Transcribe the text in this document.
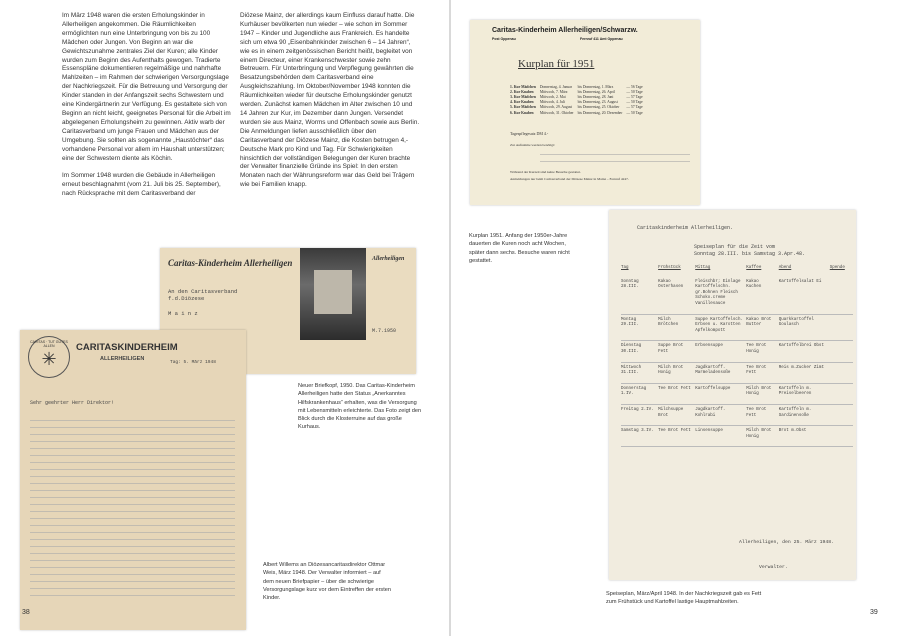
Im März 1948 waren die ersten Erholungskinder in Allerheiligen angekommen. Die Räumlichkeiten ermöglichten nun eine Unterbringung von bis zu 100 Mädchen oder Jungen. Von Beginn an war die Gewichtszunahme zentrales Ziel der Kuren; alle Kinder wurden zum Beginn des Aufenthalts gewogen. Tradierte Essenspläne dokumentieren regelmäßige und nahrhafte Mahlzeiten – im Rahmen der schwierigen Versorgungslage der Nachkriegszeit. Für die Betreuung und Versorgung der Kinder standen in der Anfangszeit sechs Schwestern und eine Kindergärtnerin zur Verfügung. Es gestaltete sich von Beginn an nicht leicht, geeignetes Personal für die Arbeit im abgelegenen Erholungsheim zu gewinnen. Aktiv warb der Caritasverband um junge Frauen und Mädchen aus der Umgebung. Sie sollten als sogenannte „Haustöchter“ das vorhandene Personal vor allem im Haushalt unterstützen; eine der Schwestern diente als Köchin.

Im Sommer 1948 wurden die Gebäude in Allerheiligen erneut beschlagnahmt (vom 21. Juli bis 25. September), nach Rücksprache mit dem Caritasverband der

Diözese Mainz, der allerdings kaum Einfluss darauf hatte. Die Kurhäuser bevölkerten nun wieder – wie schon im Sommer 1947 – Kinder und Jugendliche aus Frankreich. Es handelte sich um etwa 90 „Eisenbahnkinder zwischen 6 – 14 Jahren“, wie es in einem zeitgenössischen Bericht heißt, begleitet von einem Directeur, einer Krankenschwester sowie zehn Betreuern. Für Unterbringung und Verpflegung gewährten die Besatzungsbehörden dem Caritasverband eine Ausgleichszahlung. Im Oktober/November 1948 konnten die Räumlichkeiten wieder für deutsche Erholungskinder genutzt werden. Zunächst kamen Mädchen im Alter zwischen 10 und 14 Jahren zur Kur, im Dezember dann Jungen. Versendet wurden sie aus Mainz, Worms und Offenbach sowie aus Berlin. Die Anmeldungen liefen ausschließlich über den Caritasverband der Diözese Mainz, die Kosten betrugen 4,- Deutsche Mark pro Kind und Tag. Für Schwierigkeiten hinsichtlich der vollständigen Belegungen der Kuren brachte der Verwalter finanzielle Gründe ins Spiel: In den ersten Monaten nach der Währungsreform war das Geld bei Trägern wie bei Familien knapp.

Caritas-Kinderheim Allerheiligen
An den Caritasverband
f.d.Diözese
M a i n z
Allerheiligen
M.7.1950
CARITAS · TUT GUTES ALLEN
✳
CARITASKINDERHEIM
ALLERHEILIGEN
Tag: 5. März 1948
Sehr geehrter Herr Direktor!
Neuer Briefkopf, 1950. Das Caritas-Kinderheim Allerheiligen hatte den Status „Anerkanntes Hilfskrankenhaus“ erhalten, was die Versorgung mit Lebensmitteln erleichterte. Das Foto zeigt den Blick durch die Klosterruine auf das große Kurhaus.
Albert Willems an Diözesancaritasdirektor Ottmar Weis, März 1948. Der Verwalter informiert – auf dem neuen Briefpapier – über die schwierige Versorgungslage kurz vor dem Eintreffen der ersten Kinder.
38
Caritas-Kinderheim Allerheiligen/Schwarzw.
Post Oppenau	Fernruf 411 Amt Oppenau
Kurplan für 1951
1. Kur Mädchen	Donnerstag, 4. Januar	bis Donnerstag, 1. März	— 56 Tage
2. Kur Knaben	Mittwoch, 7. März	bis Donnerstag, 26. April	— 50 Tage
3. Kur Mädchen	Mittwoch, 2. Mai	bis Donnerstag, 28. Juni	— 57 Tage
4. Kur Knaben	Mittwoch, 4. Juli	bis Donnerstag, 23. August	— 50 Tage
5. Kur Mädchen	Mittwoch, 29. August	bis Donnerstag, 25. Oktober	— 57 Tage
6. Kur Knaben	Mittwoch, 31. Oktober	bis Donnerstag, 20. Dezember	— 50 Tage
Tagespflegesatz DM 4.-
Zur Aufnahme werden benötigt:
Während der Kurzeit sind keine Besuche gestattet.
Anmeldungen nur beim Caritasverband der Diözese Mainz in Mainz – Fernruf 4247.
Kurplan 1951. Anfang der 1950er-Jahre dauerten die Kuren noch acht Wochen, später dann sechs. Besuche waren nicht gestattet.
Caritaskinderheim Allerheiligen.
Speiseplan für die Zeit vom
Sonntag 28.III. bis Samstag 3.Apr.48.
Tag	Frühstück	Mittag	Kaffee	Abend	Spende
Sonntag 28.III.	Kakao Osterhasen	Fleischbr; Einlage Kartoffelschn. gr.Bohnen Fleisch Schoko.creme Vanillesauce	Kakao Kuchen	Kartoffelsalat Ei	
Montag 29.III.	Milch Brötchen	Suppe Kartoffelsch. Erbsen u. Karotten Apfelkompott	Kakao Brot Butter	Quarkkartoffel Goulasch	
Dienstag 30.III.	Suppe Brot Fett	Erbsensuppe	Tee Brot Honig	Kartoffelbrei Obst	
Mittwoch 31.III.	Milch Brot Honig	Jagdkartoff. Marmeladensoße	Tee Brot Fett	Reis m.Zucker Zimt	
Donnerstag 1.IV.	Tee Brot Fett	Kartoffelsuppe	Milch Brot Honig	Kartoffeln m. Preiselbeeren	
Freitag 2.IV.	Milchsuppe Brot	Jagdkartoff. Kohlrabi	Tee Brot Fett	Kartoffeln m. Sardinensoße	
Samstag 3.IV.	Tee Brot Fett	Linsensuppe	Milch Brot Honig	Brot m.Obst	
Allerheiligen, den 25. März 1948.
Verwalter.
Speiseplan, März/April 1948. In der Nachkriegszeit gab es Fett zum Frühstück und Kartoffel lastige Hauptmahlzeiten.
39
